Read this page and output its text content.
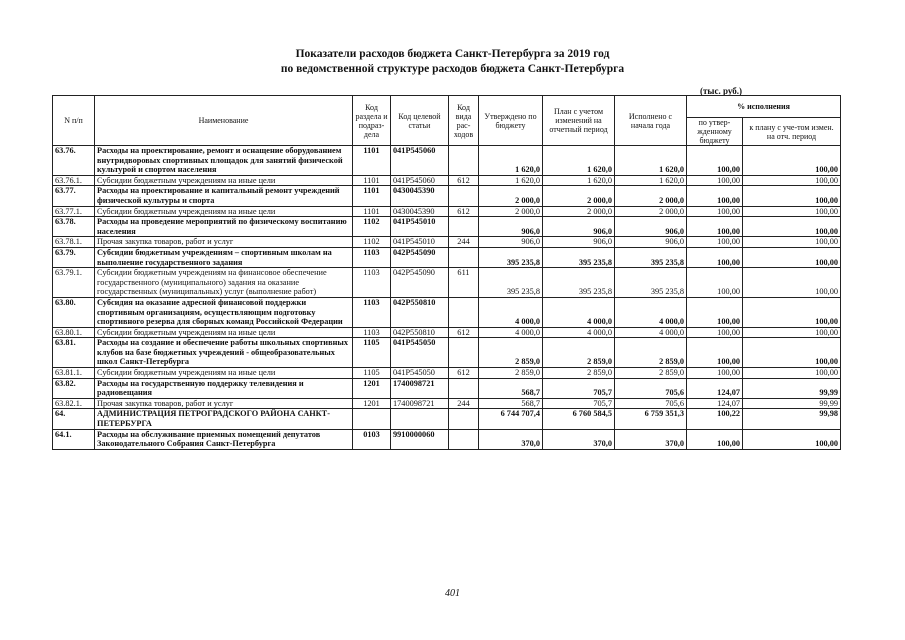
Показатели расходов бюджета Санкт-Петербурга за 2019 год
по ведомственной структуре расходов бюджета Санкт-Петербурга
(тыс. руб.)
N п/п	Наименование	Код раздела и подраз-дела	Код целевой статьи	Код вида рас-ходов	Утверждено по бюджету	План с учетом изменений на отчетный период	Исполнено с начала года	% исполнения	
								по утвер-жденному бюджету	к плану с уче-том измен. на отч. период
63.76.	Расходы на проектирование, ремонт и оснащение оборудованием внутридворовых спортивных площадок для занятий физической культурой и спортом населения	1101	041P545060		1 620,0	1 620,0	1 620,0	100,00	100,00
63.76.1.	Субсидии бюджетным учреждениям на иные цели	1101	041P545060	612	1 620,0	1 620,0	1 620,0	100,00	100,00
63.77.	Расходы на проектирование и капитальный ремонт учреждений физической культуры и спорта	1101	0430045390		2 000,0	2 000,0	2 000,0	100,00	100,00
63.77.1.	Субсидии бюджетным учреждениям на иные цели	1101	0430045390	612	2 000,0	2 000,0	2 000,0	100,00	100,00
63.78.	Расходы на проведение мероприятий по физическому воспитанию населения	1102	041P545010		906,0	906,0	906,0	100,00	100,00
63.78.1.	Прочая закупка товаров, работ и услуг	1102	041P545010	244	906,0	906,0	906,0	100,00	100,00
63.79.	Субсидии бюджетным учреждениям – спортивным школам на выполнение государственного задания	1103	042P545090		395 235,8	395 235,8	395 235,8	100,00	100,00
63.79.1.	Субсидии бюджетным учреждениям на финансовое обеспечение государственного (муниципального) задания на оказание государственных (муниципальных) услуг (выполнение работ)	1103	042P545090	611	395 235,8	395 235,8	395 235,8	100,00	100,00
63.80.	Субсидия на оказание адресной финансовой поддержки спортивным организациям, осуществляющим подготовку спортивного резерва для сборных команд Российской Федерации	1103	042P550810		4 000,0	4 000,0	4 000,0	100,00	100,00
63.80.1.	Субсидии бюджетным учреждениям на иные цели	1103	042P550810	612	4 000,0	4 000,0	4 000,0	100,00	100,00
63.81.	Расходы на создание и обеспечение работы школьных спортивных клубов на базе бюджетных учреждений - общеобразовательных школ Санкт-Петербурга	1105	041P545050		2 859,0	2 859,0	2 859,0	100,00	100,00
63.81.1.	Субсидии бюджетным учреждениям на иные цели	1105	041P545050	612	2 859,0	2 859,0	2 859,0	100,00	100,00
63.82.	Расходы на государственную поддержку телевидения и радиовещания	1201	1740098721		568,7	705,7	705,6	124,07	99,99
63.82.1.	Прочая закупка товаров, работ и услуг	1201	1740098721	244	568,7	705,7	705,6	124,07	99,99
64.	АДМИНИСТРАЦИЯ ПЕТРОГРАДСКОГО РАЙОНА САНКТ-ПЕТЕРБУРГА				6 744 707,4	6 760 584,5	6 759 351,3	100,22	99,98
64.1.	Расходы на обслуживание приемных помещений депутатов Законодательного Собрания Санкт-Петербурга	0103	9910000060		370,0	370,0	370,0	100,00	100,00
401
